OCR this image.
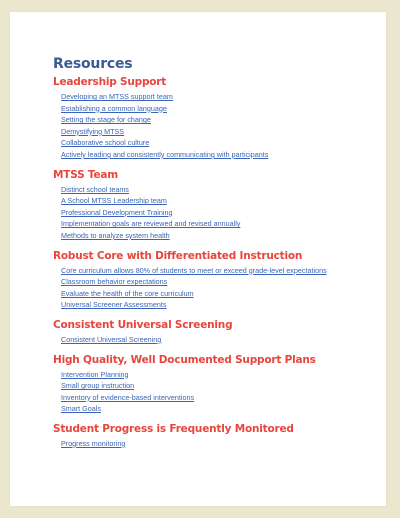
Resources
Leadership Support
Developing an MTSS support team
Establishing a common language
Setting the stage for change
Demystifying MTSS
Collaborative school culture
Actively leading and consistently communicating with participants
MTSS Team
Distinct school teams
A School MTSS Leadership team
Professional Development Training
Implementation goals are reviewed and revised annually
Methods to analyze system health
Robust Core with Differentiated Instruction
Core curriculum allows 80% of students to meet or exceed grade-level expectations
Classroom behavior expectations
Evaluate the health of the core curriculum
Universal Screener Assessments
Consistent Universal Screening
Consistent Universal Screening
High Quality, Well Documented Support Plans
Intervention Planning
Small group instruction
Inventory of evidence-based interventions
Smart Goals
Student Progress is Frequently Monitored
Progress monitoring
